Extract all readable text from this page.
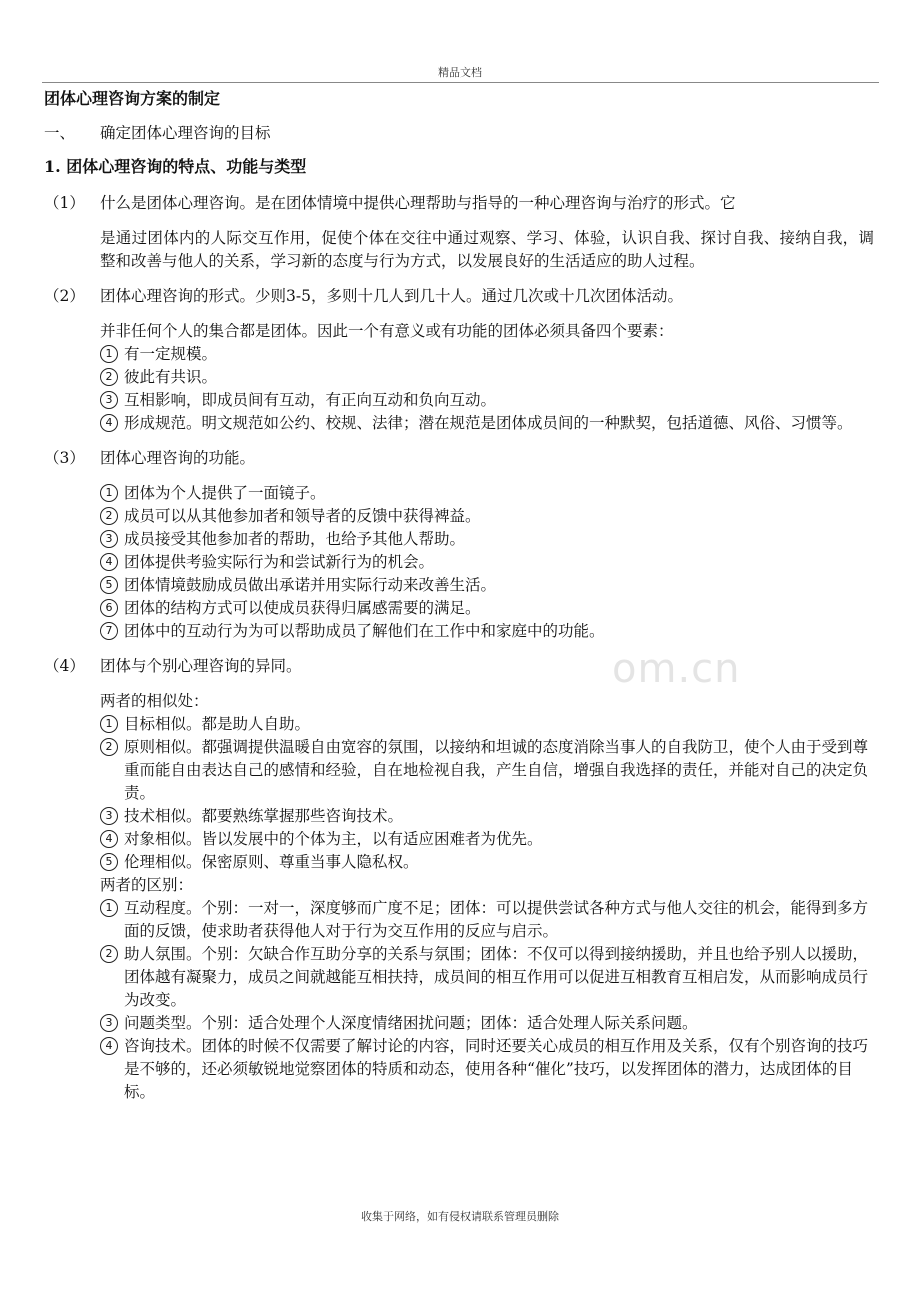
精品文档
om.cn
团体心理咨询方案的制定
一、	确定团体心理咨询的目标
1. 团体心理咨询的特点、功能与类型
（1） 什么是团体心理咨询。是在团体情境中提供心理帮助与指导的一种心理咨询与治疗的形式。它
是通过团体内的人际交互作用，促使个体在交往中通过观察、学习、体验，认识自我、探讨自我、接纳自我，调整和改善与他人的关系，学习新的态度与行为方式，以发展良好的生活适应的助人过程。
（2） 团体心理咨询的形式。少则3-5，多则十几人到几十人。通过几次或十几次团体活动。
并非任何个人的集合都是团体。因此一个有意义或有功能的团体必须具备四个要素：
1 有一定规模。
2 彼此有共识。
3 互相影响，即成员间有互动，有正向互动和负向互动。
4 形成规范。明文规范如公约、校规、法律；潜在规范是团体成员间的一种默契，包括道德、风俗、习惯等。
（3） 团体心理咨询的功能。
1 团体为个人提供了一面镜子。
2 成员可以从其他参加者和领导者的反馈中获得裨益。
3 成员接受其他参加者的帮助，也给予其他人帮助。
4 团体提供考验实际行为和尝试新行为的机会。
5 团体情境鼓励成员做出承诺并用实际行动来改善生活。
6 团体的结构方式可以使成员获得归属感需要的满足。
7 团体中的互动行为为可以帮助成员了解他们在工作中和家庭中的功能。
（4） 团体与个别心理咨询的异同。
两者的相似处：
1 目标相似。都是助人自助。
2 原则相似。都强调提供温暖自由宽容的氛围，以接纳和坦诚的态度消除当事人的自我防卫，使个人由于受到尊重而能自由表达自己的感情和经验，自在地检视自我，产生自信，增强自我选择的责任，并能对自己的决定负责。
3 技术相似。都要熟练掌握那些咨询技术。
4 对象相似。皆以发展中的个体为主，以有适应困难者为优先。
5 伦理相似。保密原则、尊重当事人隐私权。
两者的区别：
1 互动程度。个别：一对一，深度够而广度不足；团体：可以提供尝试各种方式与他人交往的机会，能得到多方面的反馈，使求助者获得他人对于行为交互作用的反应与启示。
2 助人氛围。个别：欠缺合作互助分享的关系与氛围；团体：不仅可以得到接纳援助，并且也给予别人以援助，团体越有凝聚力，成员之间就越能互相扶持，成员间的相互作用可以促进互相教育互相启发，从而影响成员行为改变。
3 问题类型。个别：适合处理个人深度情绪困扰问题；团体：适合处理人际关系问题。
4 咨询技术。团体的时候不仅需要了解讨论的内容，同时还要关心成员的相互作用及关系，仅有个别咨询的技巧是不够的，还必须敏锐地觉察团体的特质和动态，使用各种“催化”技巧，以发挥团体的潜力，达成团体的目标。
收集于网络，如有侵权请联系管理员删除
